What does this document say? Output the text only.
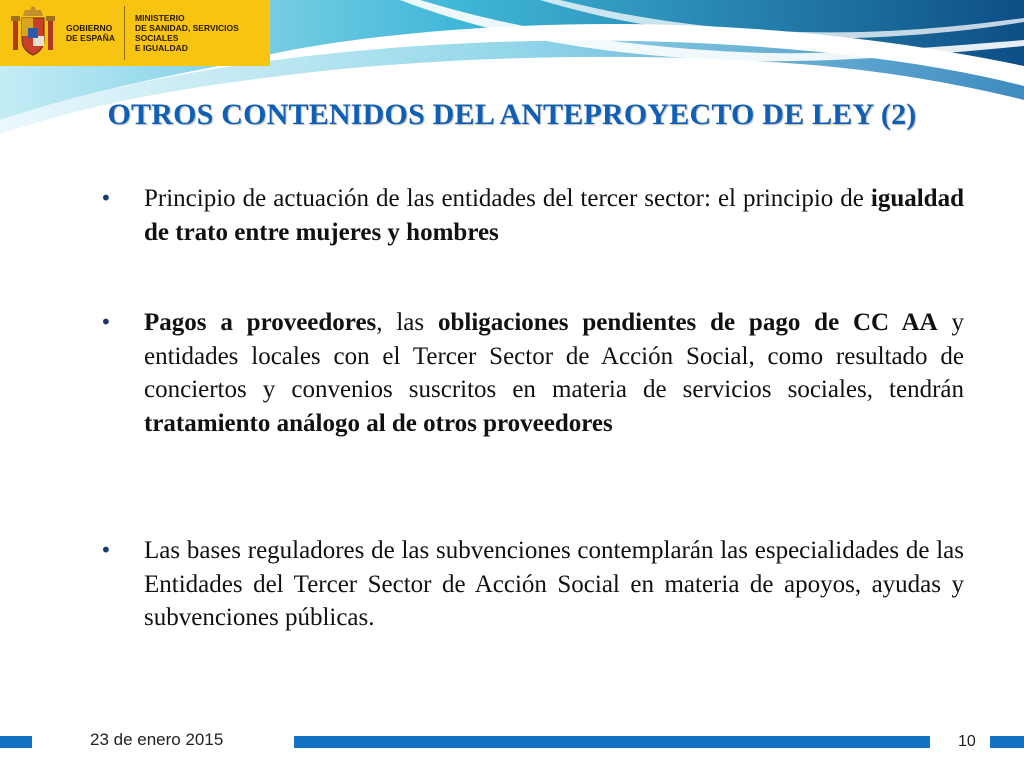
GOBIERNO
DE ESPAÑA
MINISTERIO
DE SANIDAD, SERVICIOS SOCIALES
E IGUALDAD
OTROS CONTENIDOS DEL ANTEPROYECTO DE LEY (2)
•	Principio de actuación de las entidades del tercer sector: el principio de igualdad de trato entre mujeres y hombres
•	Pagos a proveedores, las obligaciones pendientes de pago de CC AA y entidades locales con el Tercer Sector de Acción Social, como resultado de conciertos y convenios suscritos en materia de servicios sociales, tendrán tratamiento análogo al de otros proveedores
•	Las bases reguladores de las subvenciones contemplarán las especialidades de las Entidades del Tercer Sector de Acción Social en materia de apoyos, ayudas y subvenciones públicas.
23 de enero 2015	10
